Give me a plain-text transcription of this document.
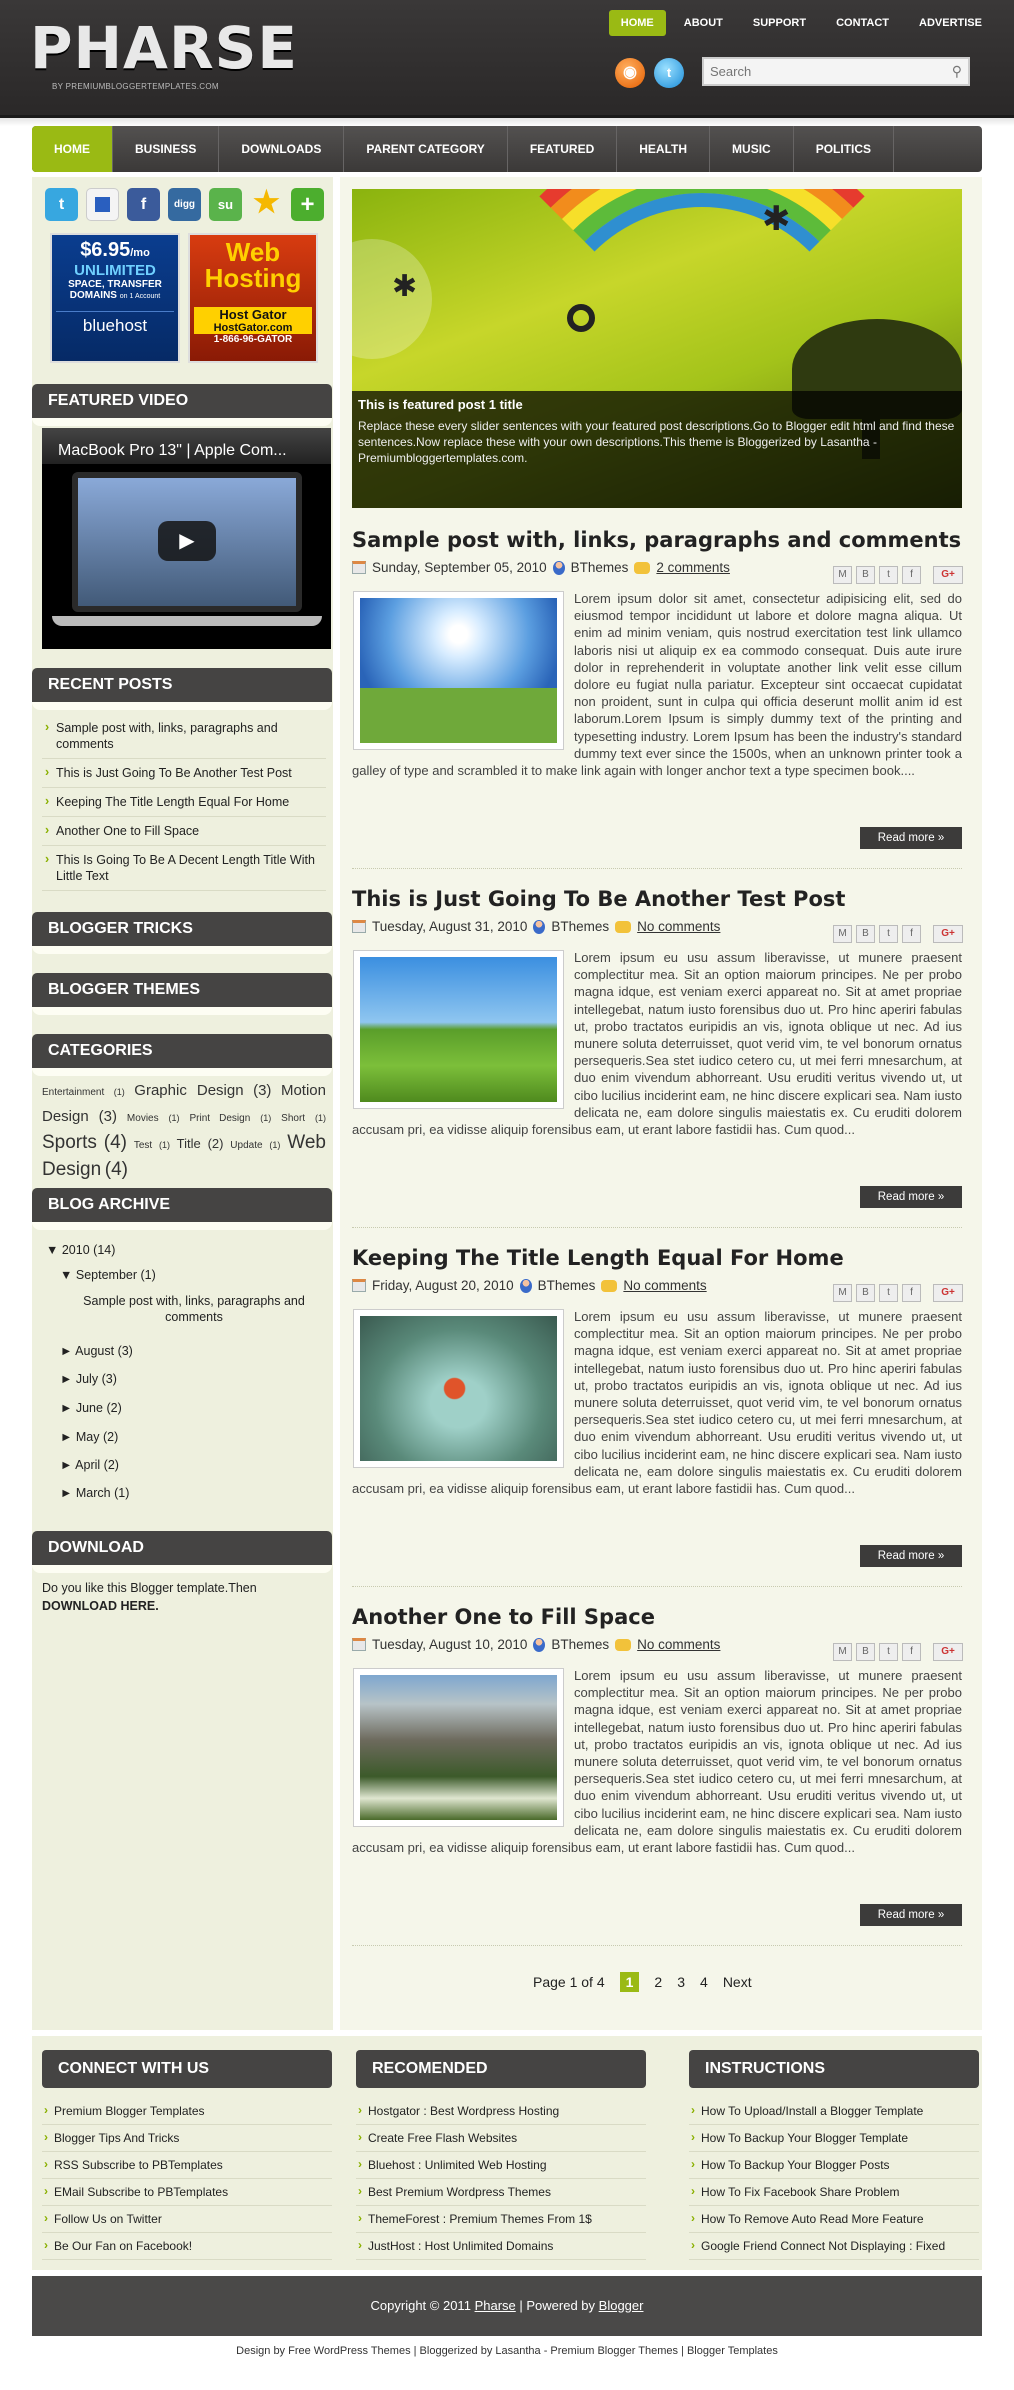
PHARSE
BY PREMIUMBLOGGERTEMPLATES.COM
HOME	ABOUT	SUPPORT	CONTACT	ADVERTISE
◉	t
Search	⚲
HOME	BUSINESS	DOWNLOADS	PARENT CATEGORY	FEATURED	HEALTH	MUSIC	POLITICS
t	f	digg	su ★ +
$6.95/mo
UNLIMITED
SPACE, TRANSFER
DOMAINS on 1 Account
bluehost
Web
Hosting
Host Gator
HostGator.com
1-866-96-GATOR
FEATURED VIDEO
MacBook Pro 13" | Apple Com...
▶
RECENT POSTS
› Sample post with, links, paragraphs and comments
› This is Just Going To Be Another Test Post
› Keeping The Title Length Equal For Home
› Another One to Fill Space
› This Is Going To Be A Decent Length Title With Little Text
BLOGGER TRICKS
BLOGGER THEMES
CATEGORIES
Entertainment (1) Graphic Design (3) Motion Design (3) Movies (1) Print Design (1) Short (1) Sports (4) Test (1) Title (2) Update (1) Web Design (4)
BLOG ARCHIVE
▼ 2010 (14)
▼ September (1)
Sample post with, links, paragraphs and comments
► August (3)
► July (3)
► June (2)
► May (2)
► April (2)
► March (1)
DOWNLOAD
Do you like this Blogger template.Then
DOWNLOAD HERE.
✱
✱
This is featured post 1 title

Replace these every slider sentences with your featured post descriptions.Go to Blogger edit html and find these sentences.Now replace these with your own descriptions.This theme is Bloggerized by Lasantha - Premiumbloggertemplates.com.

Sample post with, links, paragraphs and comments
Sunday, September 05, 2010 BThemes 2 comments	M	B	t	f	G+
Lorem ipsum dolor sit amet, consectetur adipisicing elit, sed do eiusmod tempor incididunt ut labore et dolore magna aliqua. Ut enim ad minim veniam, quis nostrud exercitation test link ullamco laboris nisi ut aliquip ex ea commodo consequat. Duis aute irure dolor in reprehenderit in voluptate another link velit esse cillum dolore eu fugiat nulla pariatur. Excepteur sint occaecat cupidatat non proident, sunt in culpa qui officia deserunt mollit anim id est laborum.Lorem Ipsum is simply dummy text of the printing and typesetting industry. Lorem Ipsum has been the industry's standard dummy text ever since the 1500s, when an unknown printer took a galley of type and scrambled it to make link again with longer anchor text a type specimen book....
Read more »
This is Just Going To Be Another Test Post
Tuesday, August 31, 2010 BThemes No comments	M	B	t	f	G+
Lorem ipsum eu usu assum liberavisse, ut munere praesent complectitur mea. Sit an option maiorum principes. Ne per probo magna idque, est veniam exerci appareat no. Sit at amet propriae intellegebat, natum iusto forensibus duo ut. Pro hinc aperiri fabulas ut, probo tractatos euripidis an vis, ignota oblique ut nec. Ad ius munere soluta deterruisset, quot verid vim, te vel bonorum ornatus persequeris.Sea stet iudico cetero cu, ut mei ferri mnesarchum, at duo enim vivendum abhorreant. Usu eruditi veritus vivendo ut, ut cibo lucilius inciderint eam, ne hinc discere explicari sea. Nam iusto delicata ne, eam dolore singulis maiestatis ex. Cu eruditi dolorem accusam pri, ea vidisse aliquip forensibus eam, ut erant labore fastidii has. Cum quod...
Read more »
Keeping The Title Length Equal For Home
Friday, August 20, 2010 BThemes No comments	M	B	t	f	G+
Lorem ipsum eu usu assum liberavisse, ut munere praesent complectitur mea. Sit an option maiorum principes. Ne per probo magna idque, est veniam exerci appareat no. Sit at amet propriae intellegebat, natum iusto forensibus duo ut. Pro hinc aperiri fabulas ut, probo tractatos euripidis an vis, ignota oblique ut nec. Ad ius munere soluta deterruisset, quot verid vim, te vel bonorum ornatus persequeris.Sea stet iudico cetero cu, ut mei ferri mnesarchum, at duo enim vivendum abhorreant. Usu eruditi veritus vivendo ut, ut cibo lucilius inciderint eam, ne hinc discere explicari sea. Nam iusto delicata ne, eam dolore singulis maiestatis ex. Cu eruditi dolorem accusam pri, ea vidisse aliquip forensibus eam, ut erant labore fastidii has. Cum quod...
Read more »
Another One to Fill Space
Tuesday, August 10, 2010 BThemes No comments	M	B	t	f	G+
Lorem ipsum eu usu assum liberavisse, ut munere praesent complectitur mea. Sit an option maiorum principes. Ne per probo magna idque, est veniam exerci appareat no. Sit at amet propriae intellegebat, natum iusto forensibus duo ut. Pro hinc aperiri fabulas ut, probo tractatos euripidis an vis, ignota oblique ut nec. Ad ius munere soluta deterruisset, quot verid vim, te vel bonorum ornatus persequeris.Sea stet iudico cetero cu, ut mei ferri mnesarchum, at duo enim vivendum abhorreant. Usu eruditi veritus vivendo ut, ut cibo lucilius inciderint eam, ne hinc discere explicari sea. Nam iusto delicata ne, eam dolore singulis maiestatis ex. Cu eruditi dolorem accusam pri, ea vidisse aliquip forensibus eam, ut erant labore fastidii has. Cum quod...
Read more »
Page 1 of 4	1	2 3 4 Next
CONNECT WITH US
› Premium Blogger Templates
› Blogger Tips And Tricks
› RSS Subscribe to PBTemplates
› EMail Subscribe to PBTemplates
› Follow Us on Twitter
› Be Our Fan on Facebook!
RECOMENDED
› Hostgator : Best Wordpress Hosting
› Create Free Flash Websites
› Bluehost : Unlimited Web Hosting
› Best Premium Wordpress Themes
› ThemeForest : Premium Themes From 1$
› JustHost : Host Unlimited Domains
INSTRUCTIONS
› How To Upload/Install a Blogger Template
› How To Backup Your Blogger Template
› How To Backup Your Blogger Posts
› How To Fix Facebook Share Problem
› How To Remove Auto Read More Feature
› Google Friend Connect Not Displaying : Fixed
Copyright © 2011 Pharse | Powered by Blogger
Design by Free WordPress Themes | Bloggerized by Lasantha - Premium Blogger Themes | Blogger Templates
